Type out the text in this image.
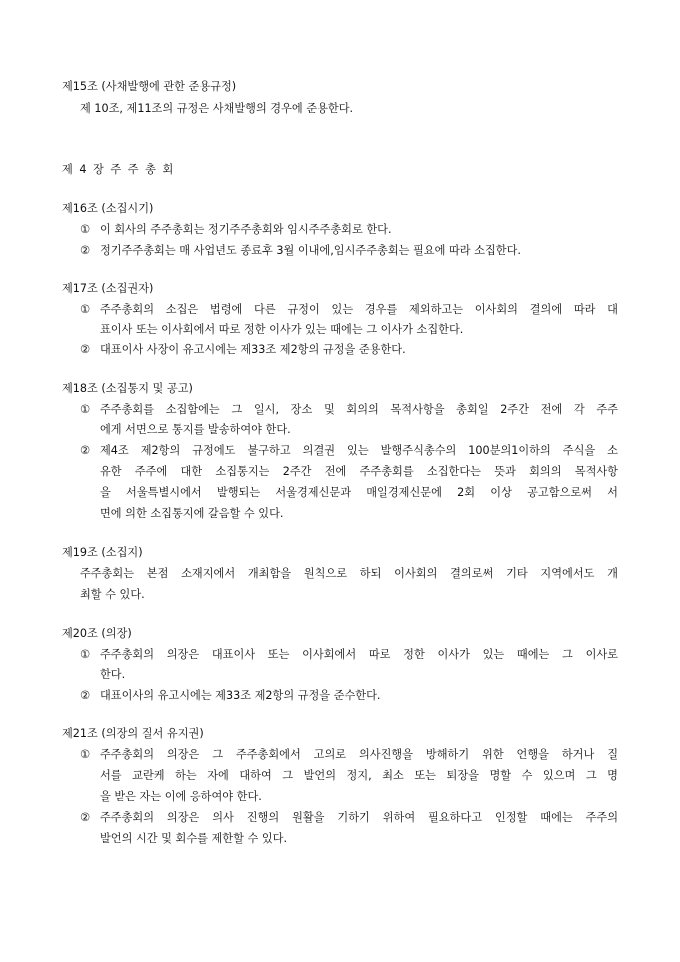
제15조 (사채발행에 관한 준용규정)
제 10조, 제11조의 규정은 사채발행의 경우에 준용한다.
제 4 장 주 주 총 회
제16조 (소집시기)
① 이 회사의 주주총회는 정기주주총회와 임시주주총회로 한다.
② 정기주주총회는 매 사업년도 종료후 3월 이내에,임시주주총회는 필요에 따라 소집한다.
제17조 (소집권자)
① 주주총회의 소집은 법령에 다른 규정이 있는 경우를 제외하고는 이사회의 결의에 따라 대
표이사 또는 이사회에서 따로 정한 이사가 있는 때에는 그 이사가 소집한다.
② 대표이사 사장이 유고시에는 제33조 제2항의 규정을 준용한다.
제18조 (소집통지 및 공고)
① 주주총회를 소집함에는 그 일시, 장소 및 회의의 목적사항을 총회일 2주간 전에 각 주주
에게 서면으로 통지를 발송하여야 한다.
② 제4조 제2항의 규정에도 불구하고 의결권 있는 발행주식총수의 100분의1이하의 주식을 소
유한 주주에 대한 소집통지는 2주간 전에 주주총회를 소집한다는 뜻과 회의의 목적사항
을 서울특별시에서 발행되는 서울경제신문과 매일경제신문에 2회 이상 공고함으로써 서
면에 의한 소집통지에 갈음할 수 있다.
제19조 (소집지)
주주총회는 본점 소재지에서 개최함을 원칙으로 하되 이사회의 결의로써 기타 지역에서도 개
최할 수 있다.
제20조 (의장)
① 주주총회의 의장은 대표이사 또는 이사회에서 따로 정한 이사가 있는 때에는 그 이사로
한다.
② 대표이사의 유고시에는 제33조 제2항의 규정을 준수한다.
제21조 (의장의 질서 유지권)
① 주주총회의 의장은 그 주주총회에서 고의로 의사진행을 방해하기 위한 언행을 하거나 질
서를 교란케 하는 자에 대하여 그 발언의 정지, 최소 또는 퇴장을 명할 수 있으며 그 명
을 받은 자는 이에 응하여야 한다.
② 주주총회의 의장은 의사 진행의 원활을 기하기 위하여 필요하다고 인정할 때에는 주주의
발언의 시간 및 회수를 제한할 수 있다.
